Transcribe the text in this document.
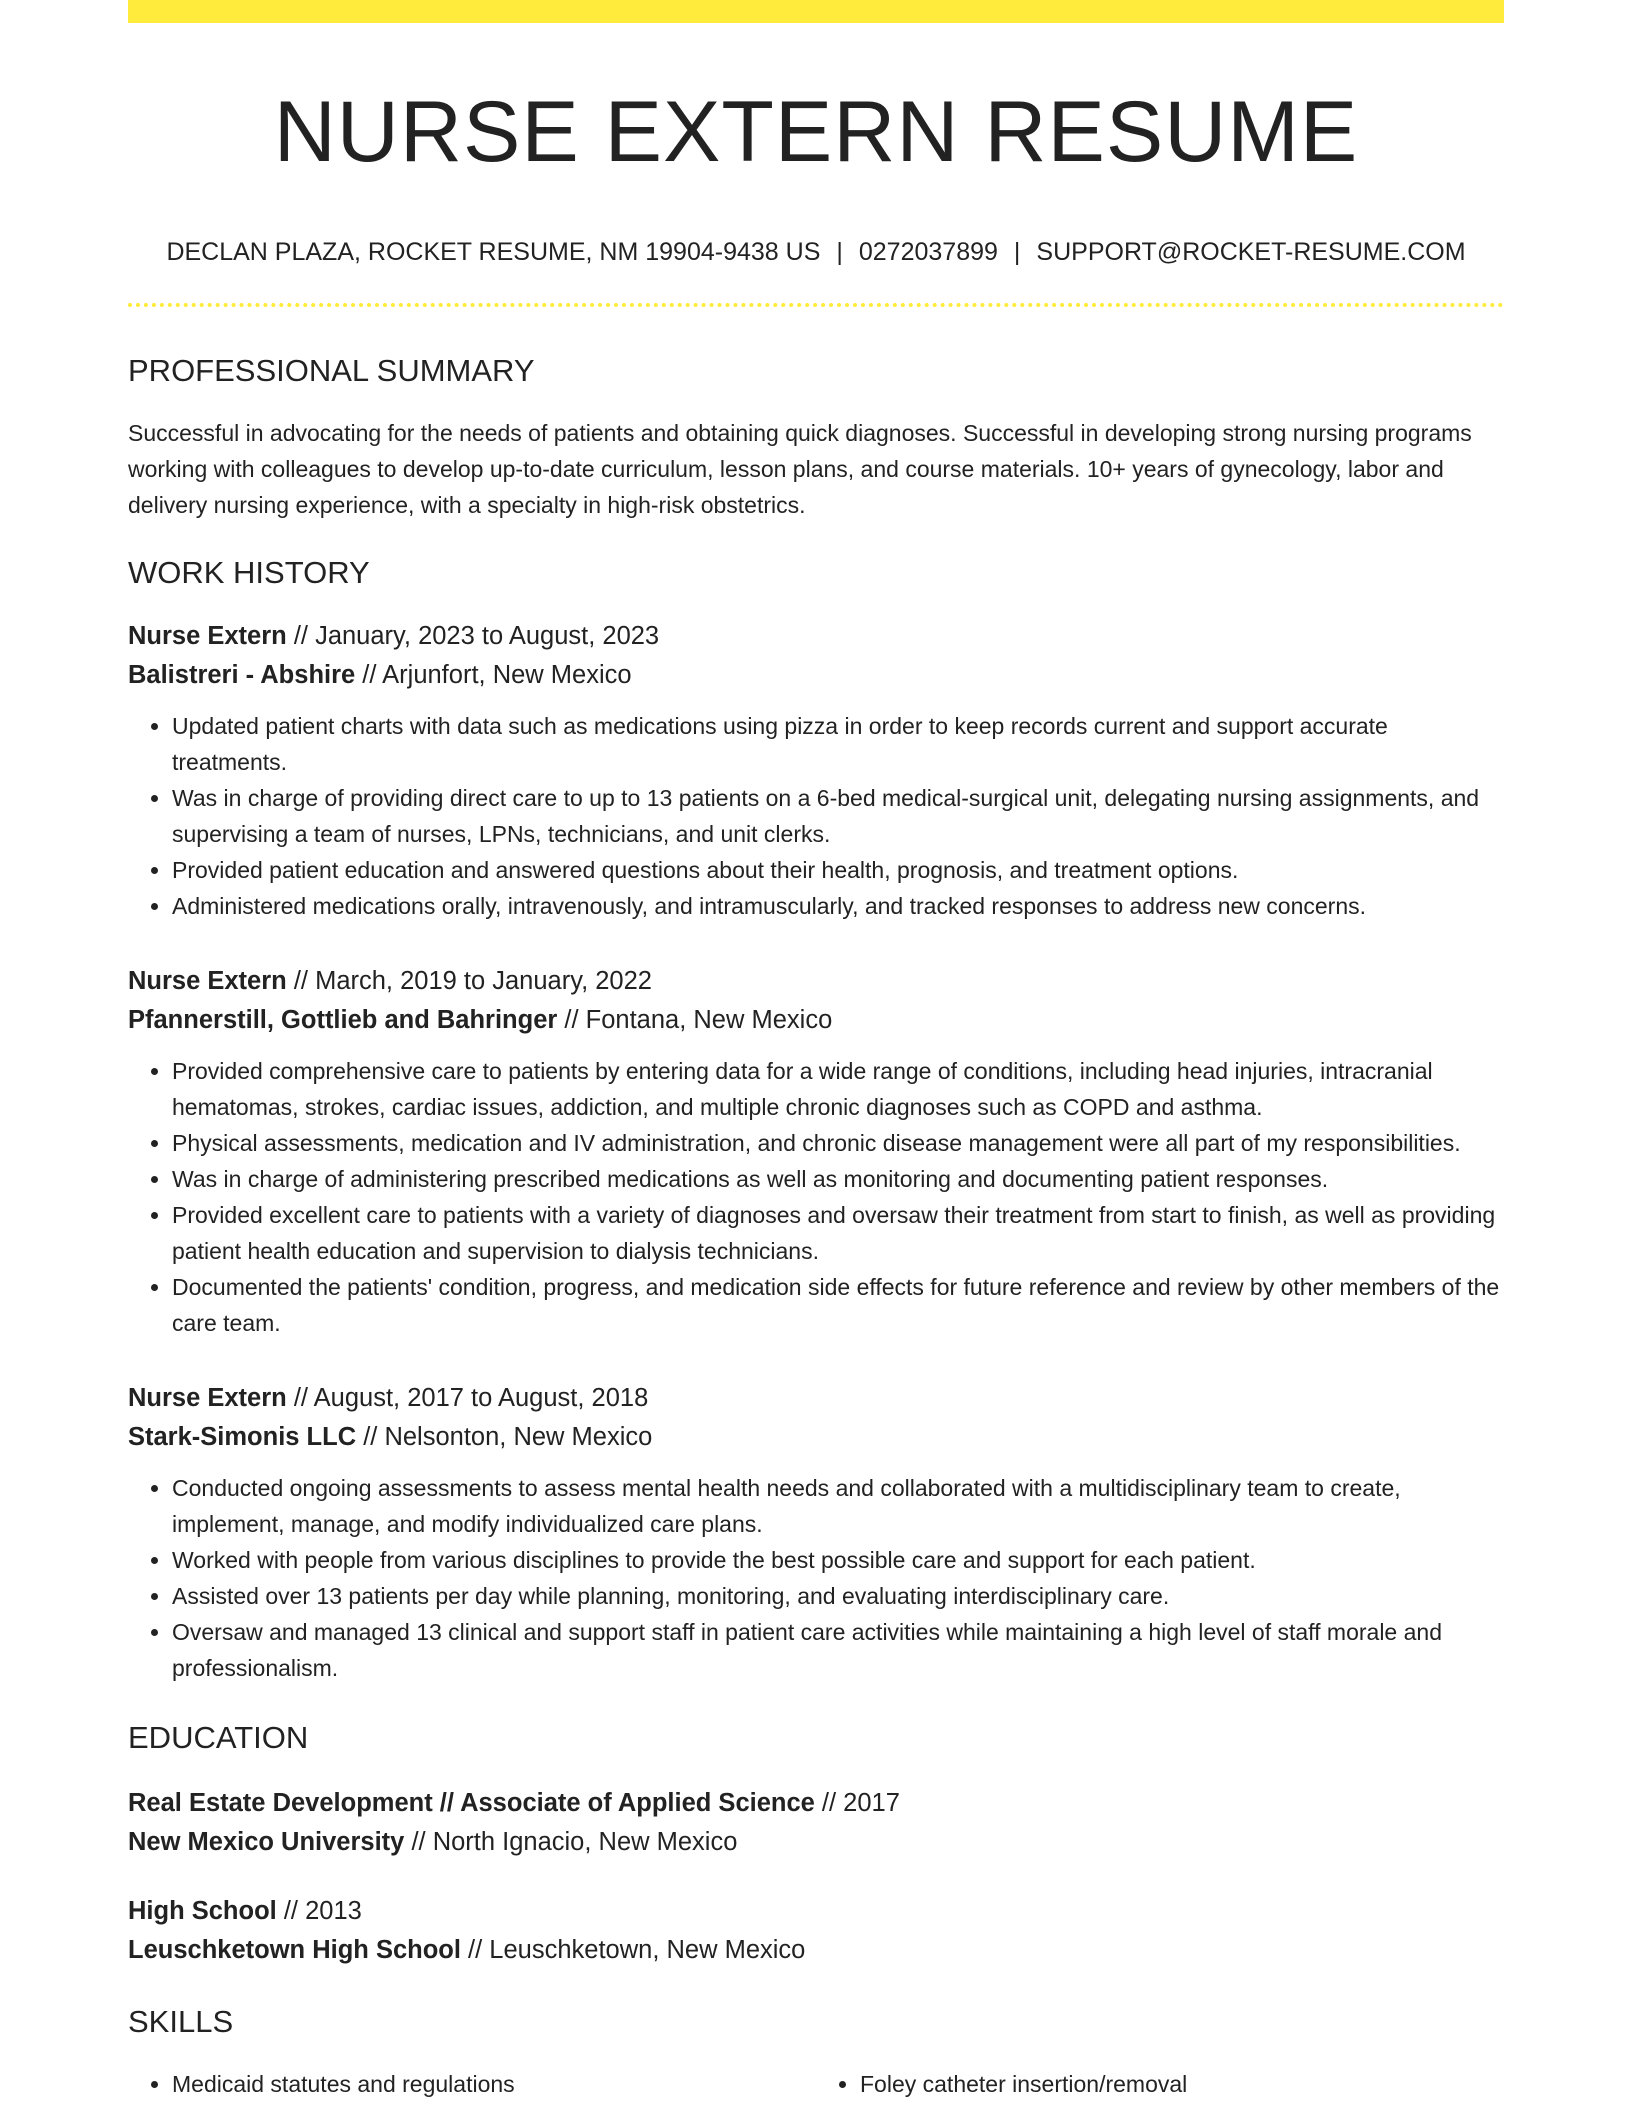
NURSE EXTERN RESUME
DECLAN PLAZA, ROCKET RESUME, NM 19904-9438 US | 0272037899 | SUPPORT@ROCKET-RESUME.COM
PROFESSIONAL SUMMARY

Successful in advocating for the needs of patients and obtaining quick diagnoses. Successful in developing strong nursing programs working with colleagues to develop up-to-date curriculum, lesson plans, and course materials. 10+ years of gynecology, labor and delivery nursing experience, with a specialty in high-risk obstetrics.

WORK HISTORY
Nurse Extern // January, 2023 to August, 2023
Balistreri - Abshire // Arjunfort, New Mexico
• Updated patient charts with data such as medications using pizza in order to keep records current and support accurate treatments.
• Was in charge of providing direct care to up to 13 patients on a 6-bed medical-surgical unit, delegating nursing assignments, and supervising a team of nurses, LPNs, technicians, and unit clerks.
• Provided patient education and answered questions about their health, prognosis, and treatment options.
• Administered medications orally, intravenously, and intramuscularly, and tracked responses to address new concerns.
Nurse Extern // March, 2019 to January, 2022
Pfannerstill, Gottlieb and Bahringer // Fontana, New Mexico
• Provided comprehensive care to patients by entering data for a wide range of conditions, including head injuries, intracranial hematomas, strokes, cardiac issues, addiction, and multiple chronic diagnoses such as COPD and asthma.
• Physical assessments, medication and IV administration, and chronic disease management were all part of my responsibilities.
• Was in charge of administering prescribed medications as well as monitoring and documenting patient responses.
• Provided excellent care to patients with a variety of diagnoses and oversaw their treatment from start to finish, as well as providing patient health education and supervision to dialysis technicians.
• Documented the patients' condition, progress, and medication side effects for future reference and review by other members of the care team.
Nurse Extern // August, 2017 to August, 2018
Stark-Simonis LLC // Nelsonton, New Mexico
• Conducted ongoing assessments to assess mental health needs and collaborated with a multidisciplinary team to create, implement, manage, and modify individualized care plans.
• Worked with people from various disciplines to provide the best possible care and support for each patient.
• Assisted over 13 patients per day while planning, monitoring, and evaluating interdisciplinary care.
• Oversaw and managed 13 clinical and support staff in patient care activities while maintaining a high level of staff morale and professionalism.
EDUCATION
Real Estate Development // Associate of Applied Science // 2017
New Mexico University // North Ignacio, New Mexico
High School // 2013
Leuschketown High School // Leuschketown, New Mexico
SKILLS
• Medicaid statutes and regulations
•	Foley catheter insertion/removal
